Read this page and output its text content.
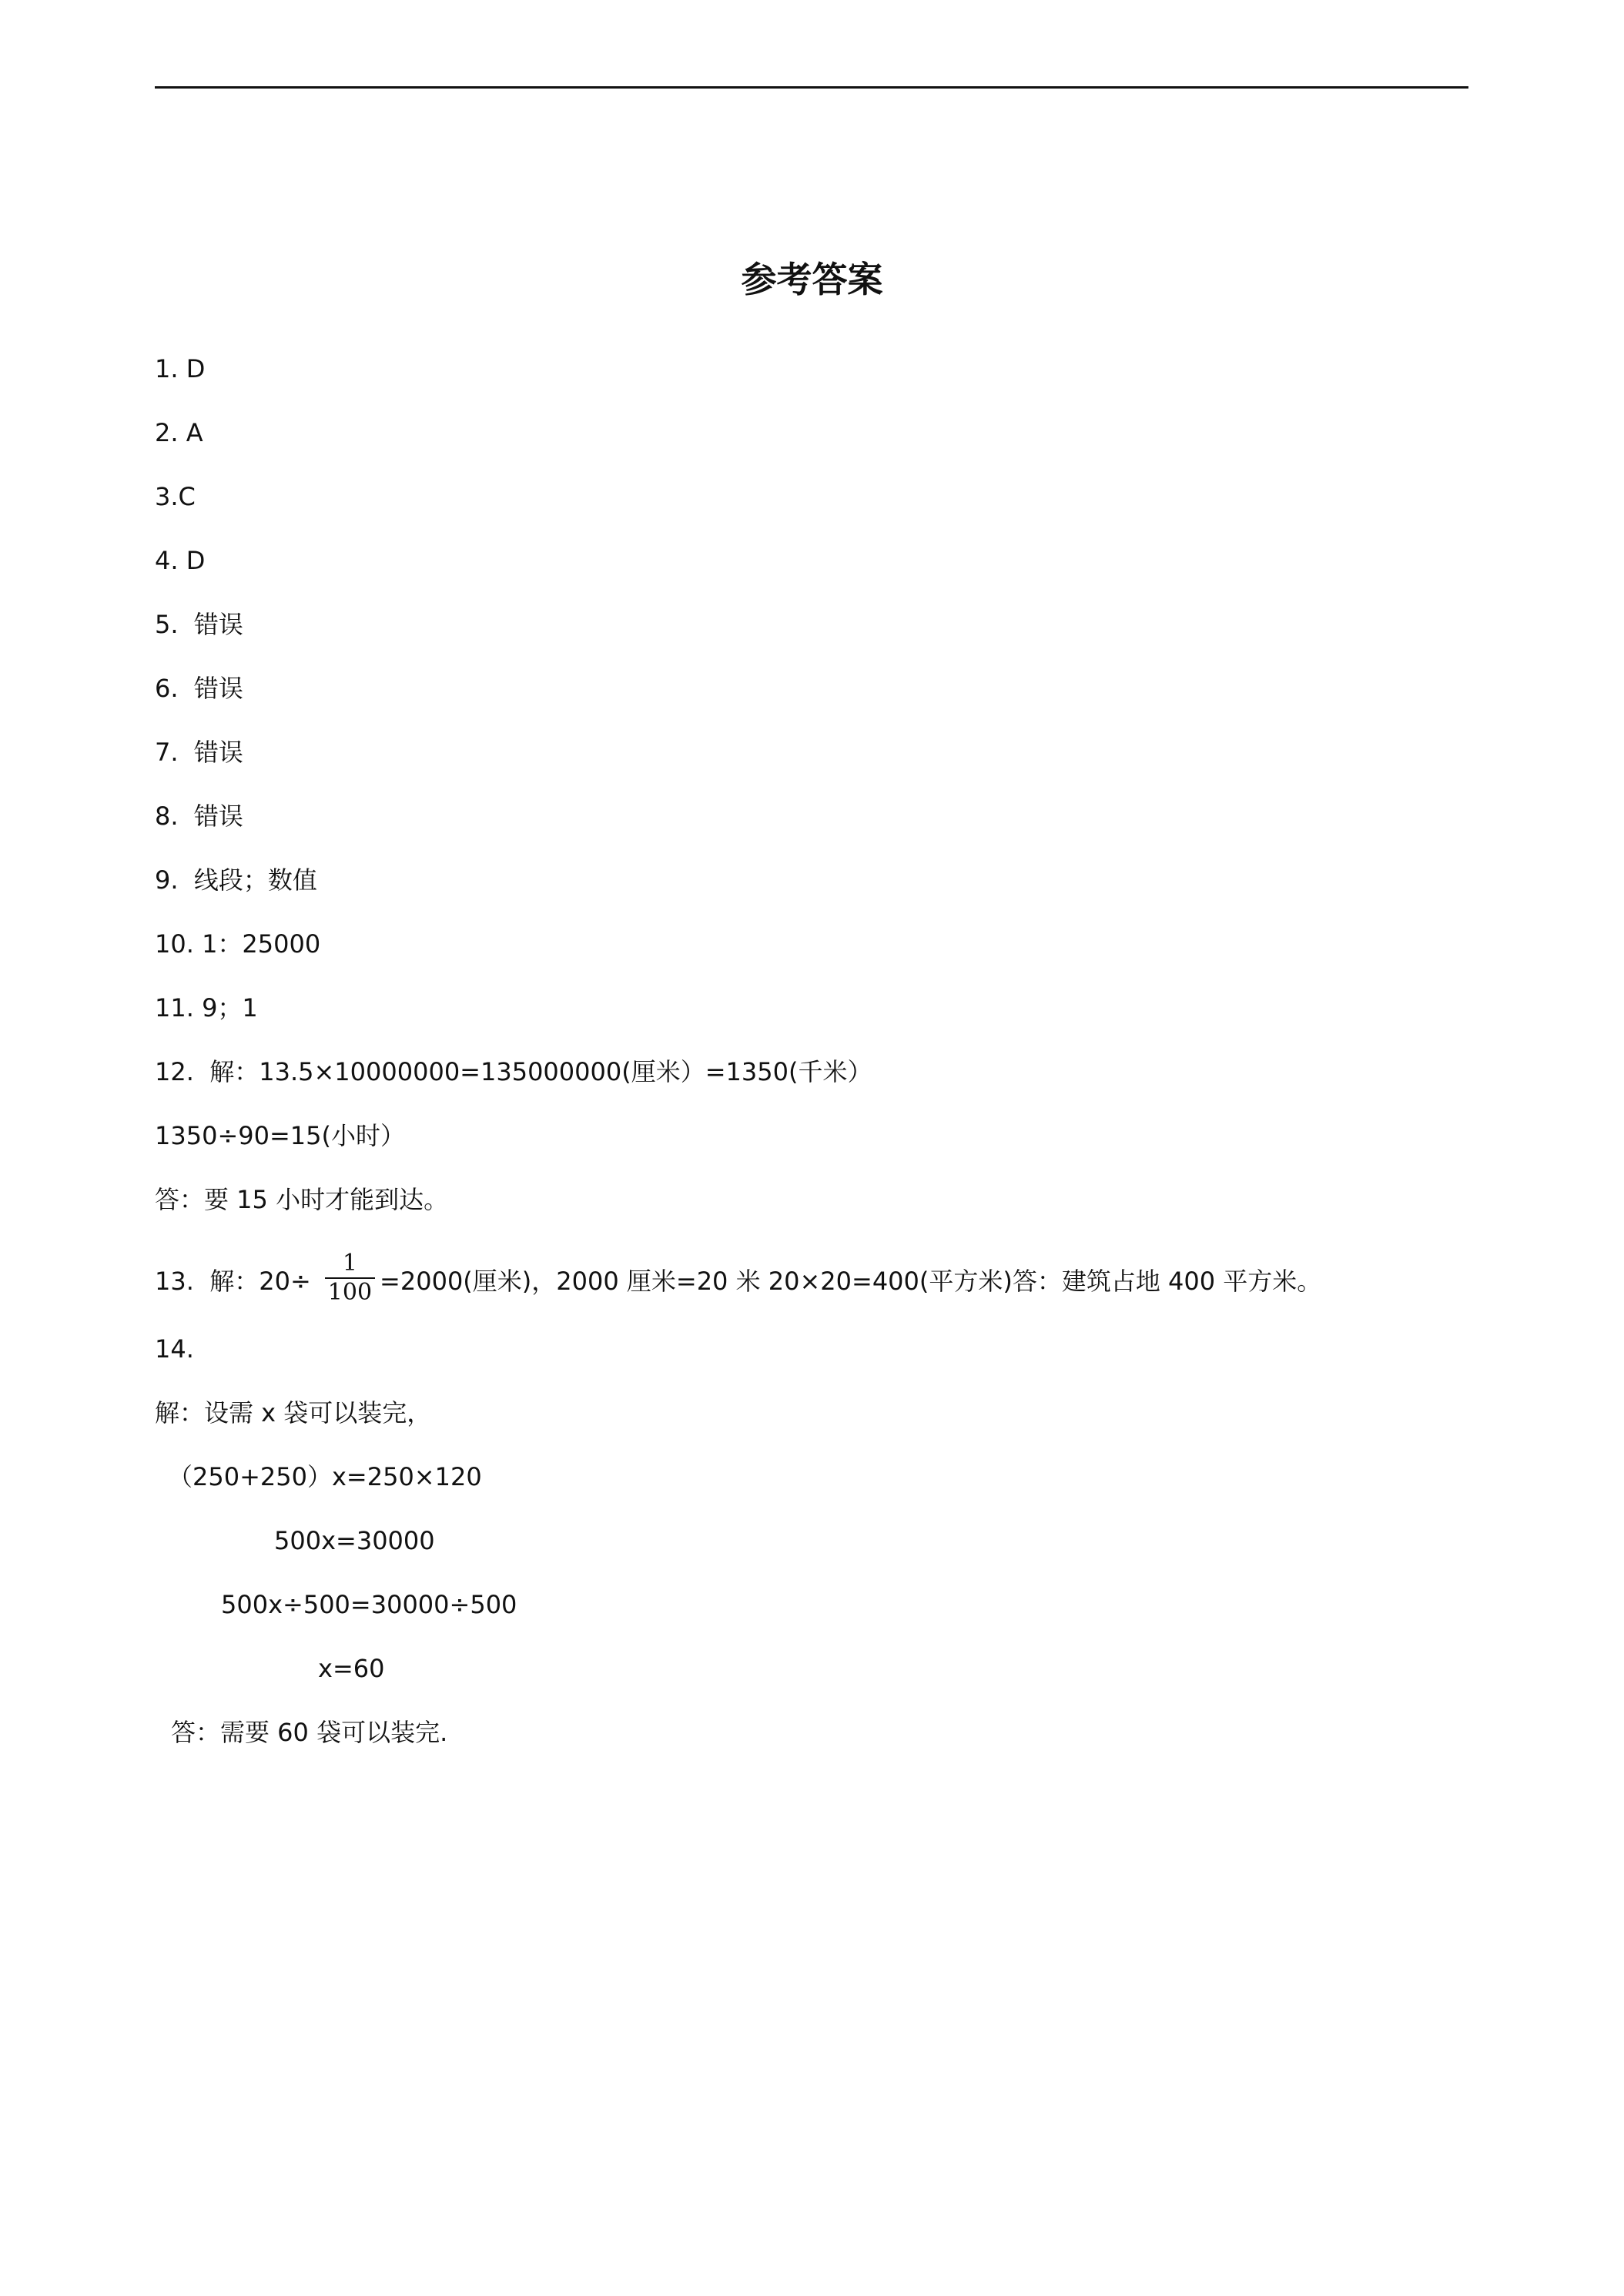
参考答案
1. D
2. A
3.C
4. D
5.  错误
6.  错误
7.  错误
8.  错误
9.  线段；数值
10. 1：25000
11. 9；1
12.  解：13.5×10000000=135000000(厘米）=1350(千米）
1350÷90=15(小时）
答：要 15 小时才能到达。
13.  解：$20\div \frac{1}{100} =2000$(厘米)，2000 厘米=20 米 20×20=400(平方米)答：建筑占地 400 平方米。
14.
解：设需 x 袋可以装完，
（250+250）x=250×120
500x=30000
500x÷500=30000÷500
x=60
答：需要 60 袋可以装完.
